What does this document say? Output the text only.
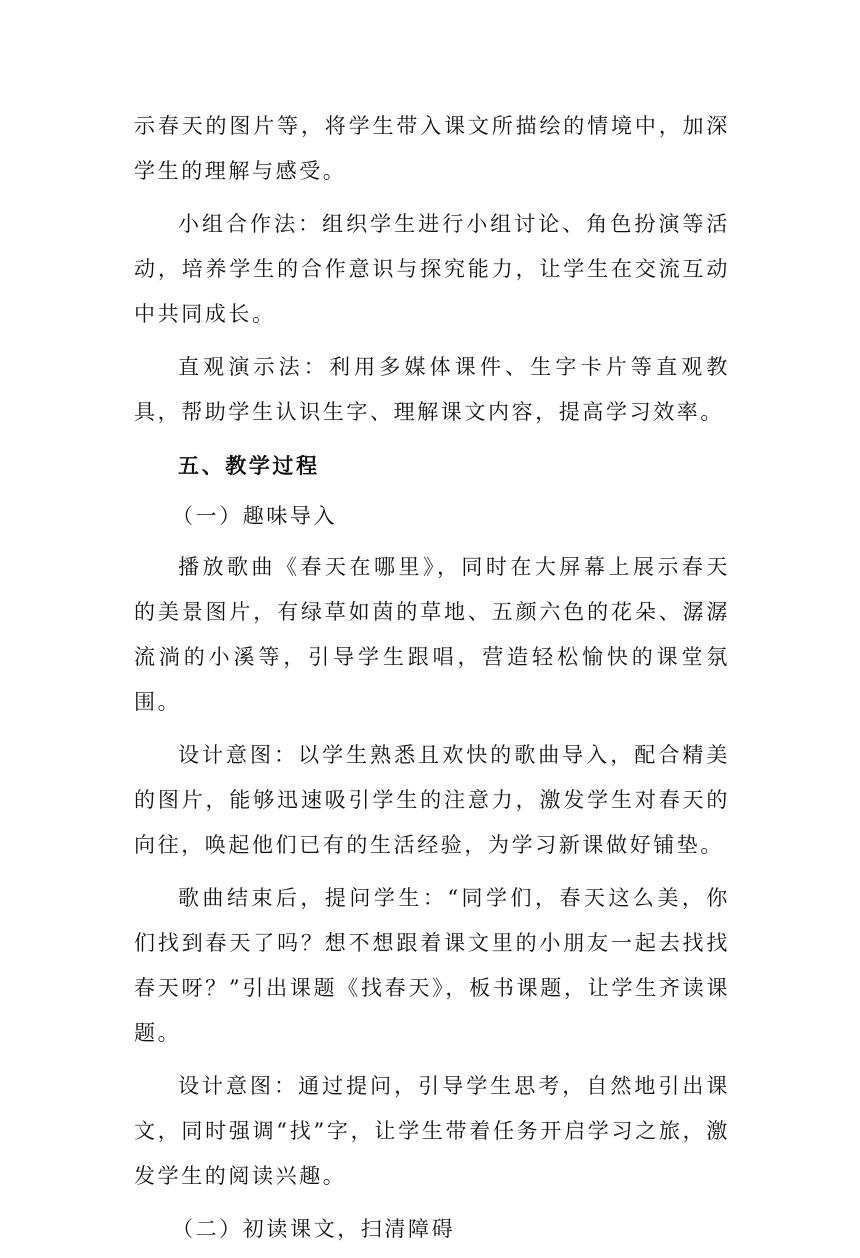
示春天的图片等，将学生带入课文所描绘的情境中，加深学生的理解与感受。

小组合作法：组织学生进行小组讨论、角色扮演等活动，培养学生的合作意识与探究能力，让学生在交流互动中共同成长。

直观演示法：利用多媒体课件、生字卡片等直观教具，帮助学生认识生字、理解课文内容，提高学习效率。

五、教学过程

（一）趣味导入

播放歌曲《春天在哪里》，同时在大屏幕上展示春天的美景图片，有绿草如茵的草地、五颜六色的花朵、潺潺流淌的小溪等，引导学生跟唱，营造轻松愉快的课堂氛围。

设计意图：以学生熟悉且欢快的歌曲导入，配合精美的图片，能够迅速吸引学生的注意力，激发学生对春天的向往，唤起他们已有的生活经验，为学习新课做好铺垫。

歌曲结束后，提问学生：“同学们，春天这么美，你们找到春天了吗？想不想跟着课文里的小朋友一起去找找春天呀？”引出课题《找春天》，板书课题，让学生齐读课题。

设计意图：通过提问，引导学生思考，自然地引出课文，同时强调“找”字，让学生带着任务开启学习之旅，激发学生的阅读兴趣。

（二）初读课文，扫清障碍
